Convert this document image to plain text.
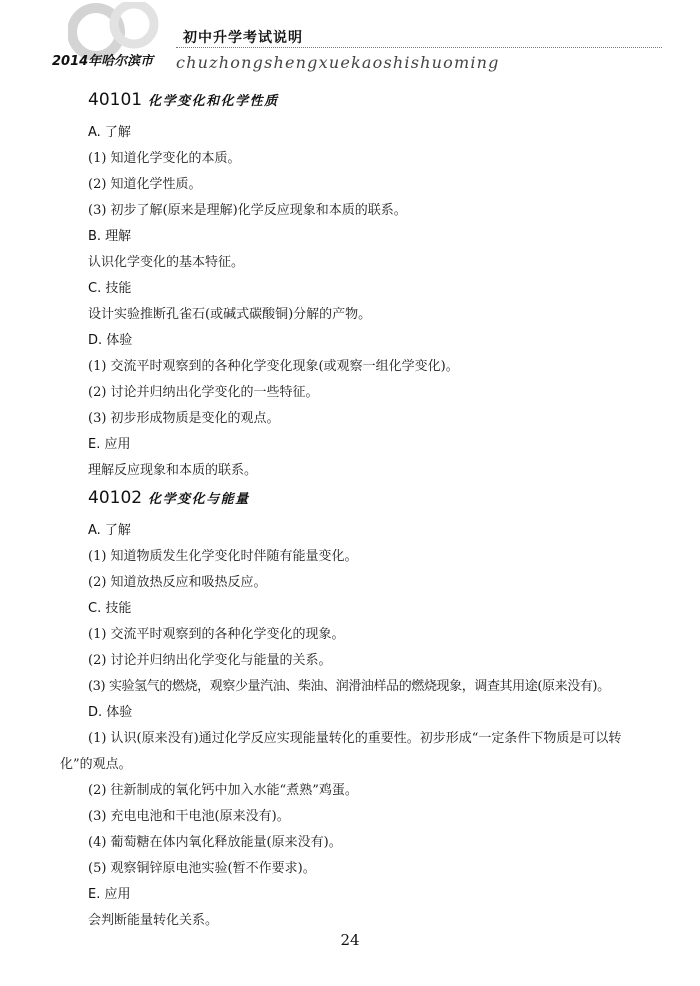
初中升学考试说明
2014年哈尔滨市 chuzhongshengxuekaoshishuoming
40101 化学变化和化学性质
A. 了解
(1) 知道化学变化的本质。
(2) 知道化学性质。
(3) 初步了解(原来是理解)化学反应现象和本质的联系。
B. 理解
认识化学变化的基本特征。
C. 技能
设计实验推断孔雀石(或碱式碳酸铜)分解的产物。
D. 体验
(1) 交流平时观察到的各种化学变化现象(或观察一组化学变化)。
(2) 讨论并归纳出化学变化的一些特征。
(3) 初步形成物质是变化的观点。
E. 应用
理解反应现象和本质的联系。
40102 化学变化与能量
A. 了解
(1) 知道物质发生化学变化时伴随有能量变化。
(2) 知道放热反应和吸热反应。
C. 技能
(1) 交流平时观察到的各种化学变化的现象。
(2) 讨论并归纳出化学变化与能量的关系。
(3) 实验氢气的燃烧，观察少量汽油、柴油、润滑油样品的燃烧现象，调查其用途(原来没有)。
D. 体验
(1) 认识(原来没有)通过化学反应实现能量转化的重要性。初步形成“一定条件下物质是可以转化”的观点。
(2) 往新制成的氧化钙中加入水能“煮熟”鸡蛋。
(3) 充电电池和干电池(原来没有)。
(4) 葡萄糖在体内氧化释放能量(原来没有)。
(5) 观察铜锌原电池实验(暂不作要求)。
E. 应用
会判断能量转化关系。
24
